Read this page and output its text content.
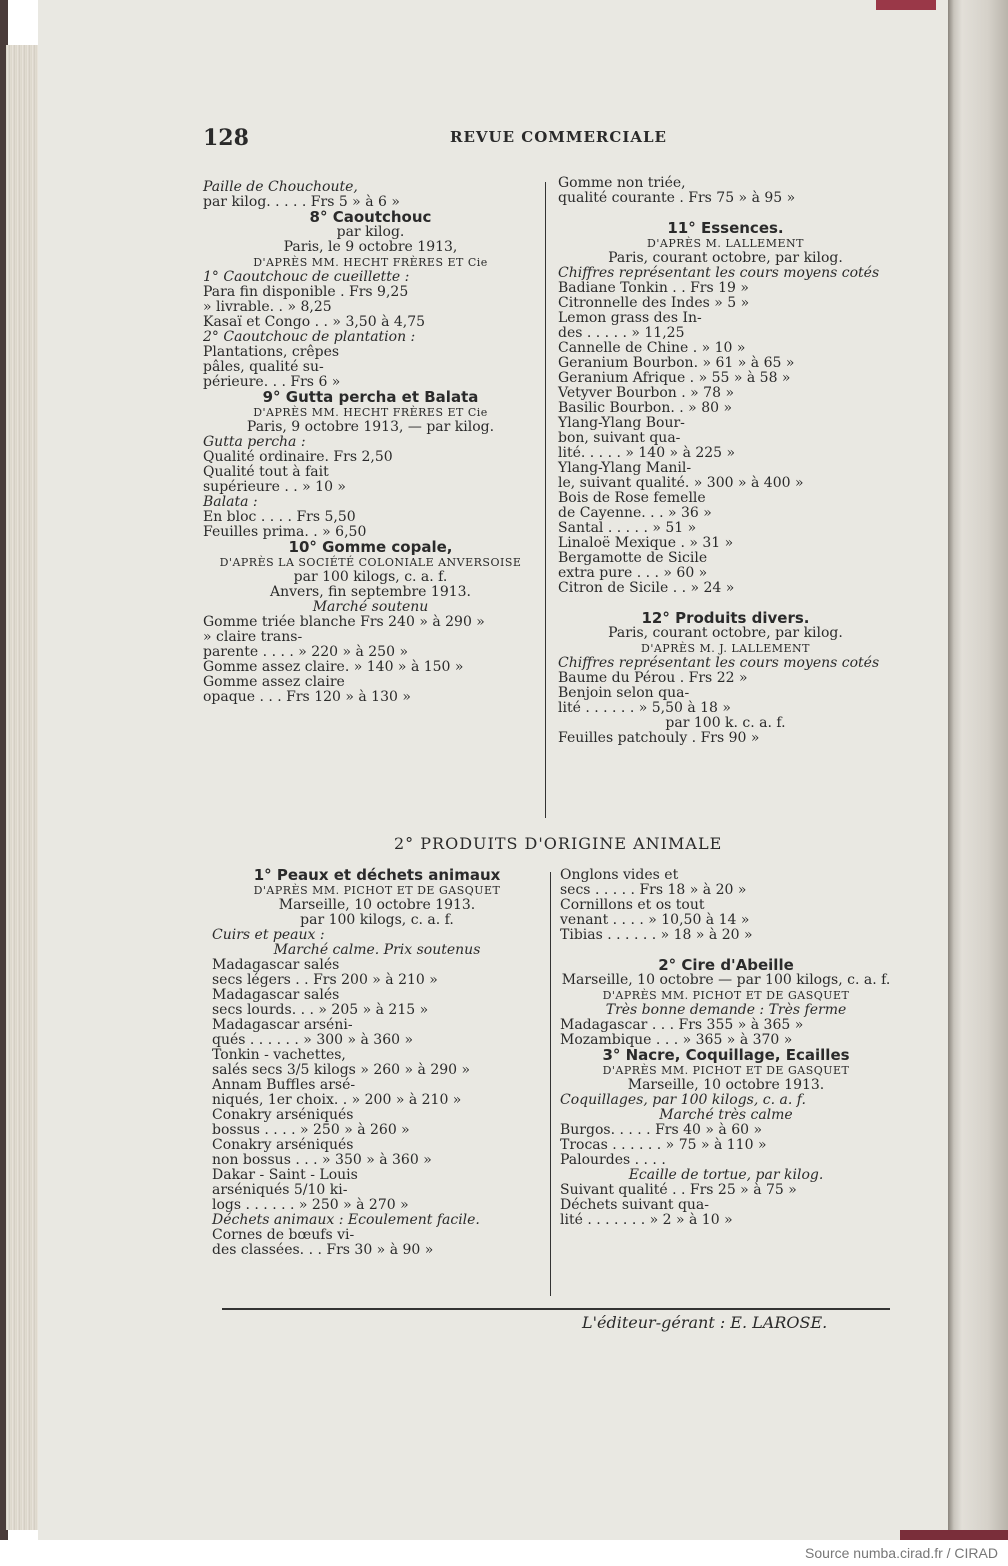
128	REVUE COMMERCIALE
Paille de Chouchoute,
par kilog. . . . . Frs 5 » à 6 »
8° Caoutchouc
par kilog.
Paris, le 9 octobre 1913,
D'APRÈS MM. HECHT FRÈRES ET Cie
1° Caoutchouc de cueillette :
Para fin disponible . Frs 9,25
» livrable. . » 8,25
Kasaï et Congo . . » 3,50 à 4,75
2° Caoutchouc de plantation :
Plantations, crêpes
pâles, qualité su-
périeure. . . Frs 6 »
9° Gutta percha et Balata
D'APRÈS MM. HECHT FRÈRES ET Cie
Paris, 9 octobre 1913, — par kilog.
Gutta percha :
Qualité ordinaire. Frs 2,50
Qualité tout à fait
supérieure . . » 10 »
Balata :
En bloc . . . . Frs 5,50
Feuilles prima. . » 6,50
10° Gomme copale,
D'APRÈS LA SOCIÉTÉ COLONIALE ANVERSOISE
par 100 kilogs, c. a. f.
Anvers, fin septembre 1913.
Marché soutenu
Gomme triée blanche Frs 240 » à 290 »
» claire trans-
parente . . . . » 220 » à 250 »
Gomme assez claire. » 140 » à 150 »
Gomme assez claire
opaque . . . Frs 120 » à 130 »
Gomme non triée,
qualité courante . Frs 75 » à 95 »
11° Essences.
D'APRÈS M. LALLEMENT
Paris, courant octobre, par kilog.
Chiffres représentant les cours moyens cotés
Badiane Tonkin . . Frs 19 »
Citronnelle des Indes » 5 »
Lemon grass des In-
des . . . . . » 11,25
Cannelle de Chine . » 10 »
Geranium Bourbon. » 61 » à 65 »
Geranium Afrique . » 55 » à 58 »
Vetyver Bourbon . » 78 »
Basilic Bourbon. . » 80 »
Ylang-Ylang Bour-
bon, suivant qua-
lité. . . . . » 140 » à 225 »
Ylang-Ylang Manil-
le, suivant qualité. » 300 » à 400 »
Bois de Rose femelle
de Cayenne. . . » 36 »
Santal . . . . . » 51 »
Linaloë Mexique . » 31 »
Bergamotte de Sicile
extra pure . . . » 60 »
Citron de Sicile . . » 24 »
12° Produits divers.
Paris, courant octobre, par kilog.
D'APRÈS M. J. LALLEMENT
Chiffres représentant les cours moyens cotés
Baume du Pérou . Frs 22 »
Benjoin selon qua-
lité . . . . . . » 5,50 à 18 »
par 100 k. c. a. f.
Feuilles patchouly . Frs 90 »
2° PRODUITS D'ORIGINE ANIMALE
1° Peaux et déchets animaux
D'APRÈS MM. PICHOT ET DE GASQUET
Marseille, 10 octobre 1913.
par 100 kilogs, c. a. f.
Cuirs et peaux :
Marché calme. Prix soutenus
Madagascar salés
secs légers . . Frs 200 » à 210 »
Madagascar salés
secs lourds. . . » 205 » à 215 »
Madagascar arséni-
qués . . . . . . » 300 » à 360 »
Tonkin - vachettes,
salés secs 3/5 kilogs » 260 » à 290 »
Annam Buffles arsé-
niqués, 1er choix. . » 200 » à 210 »
Conakry arséniqués
bossus . . . . » 250 » à 260 »
Conakry arséniqués
non bossus . . . » 350 » à 360 »
Dakar - Saint - Louis
arséniqués 5/10 ki-
logs . . . . . . » 250 » à 270 »
Déchets animaux : Ecoulement facile.
Cornes de bœufs vi-
des classées. . . Frs 30 » à 90 »
Onglons vides et
secs . . . . . Frs 18 » à 20 »
Cornillons et os tout
venant . . . . » 10,50 à 14 »
Tibias . . . . . . » 18 » à 20 »
2° Cire d'Abeille
Marseille, 10 octobre — par 100 kilogs, c. a. f.
D'APRÈS MM. PICHOT ET DE GASQUET
Très bonne demande : Très ferme
Madagascar . . . Frs 355 » à 365 »
Mozambique . . . » 365 » à 370 »
3° Nacre, Coquillage, Ecailles
D'APRÈS MM. PICHOT ET DE GASQUET
Marseille, 10 octobre 1913.
Coquillages, par 100 kilogs, c. a. f.
Marché très calme
Burgos. . . . . Frs 40 » à 60 »
Trocas . . . . . . » 75 » à 110 »
Palourdes . . . .
Ecaille de tortue, par kilog.
Suivant qualité . . Frs 25 » à 75 »
Déchets suivant qua-
lité . . . . . . . » 2 » à 10 »
L'éditeur-gérant : E. LAROSE.
Source numba.cirad.fr / CIRAD
